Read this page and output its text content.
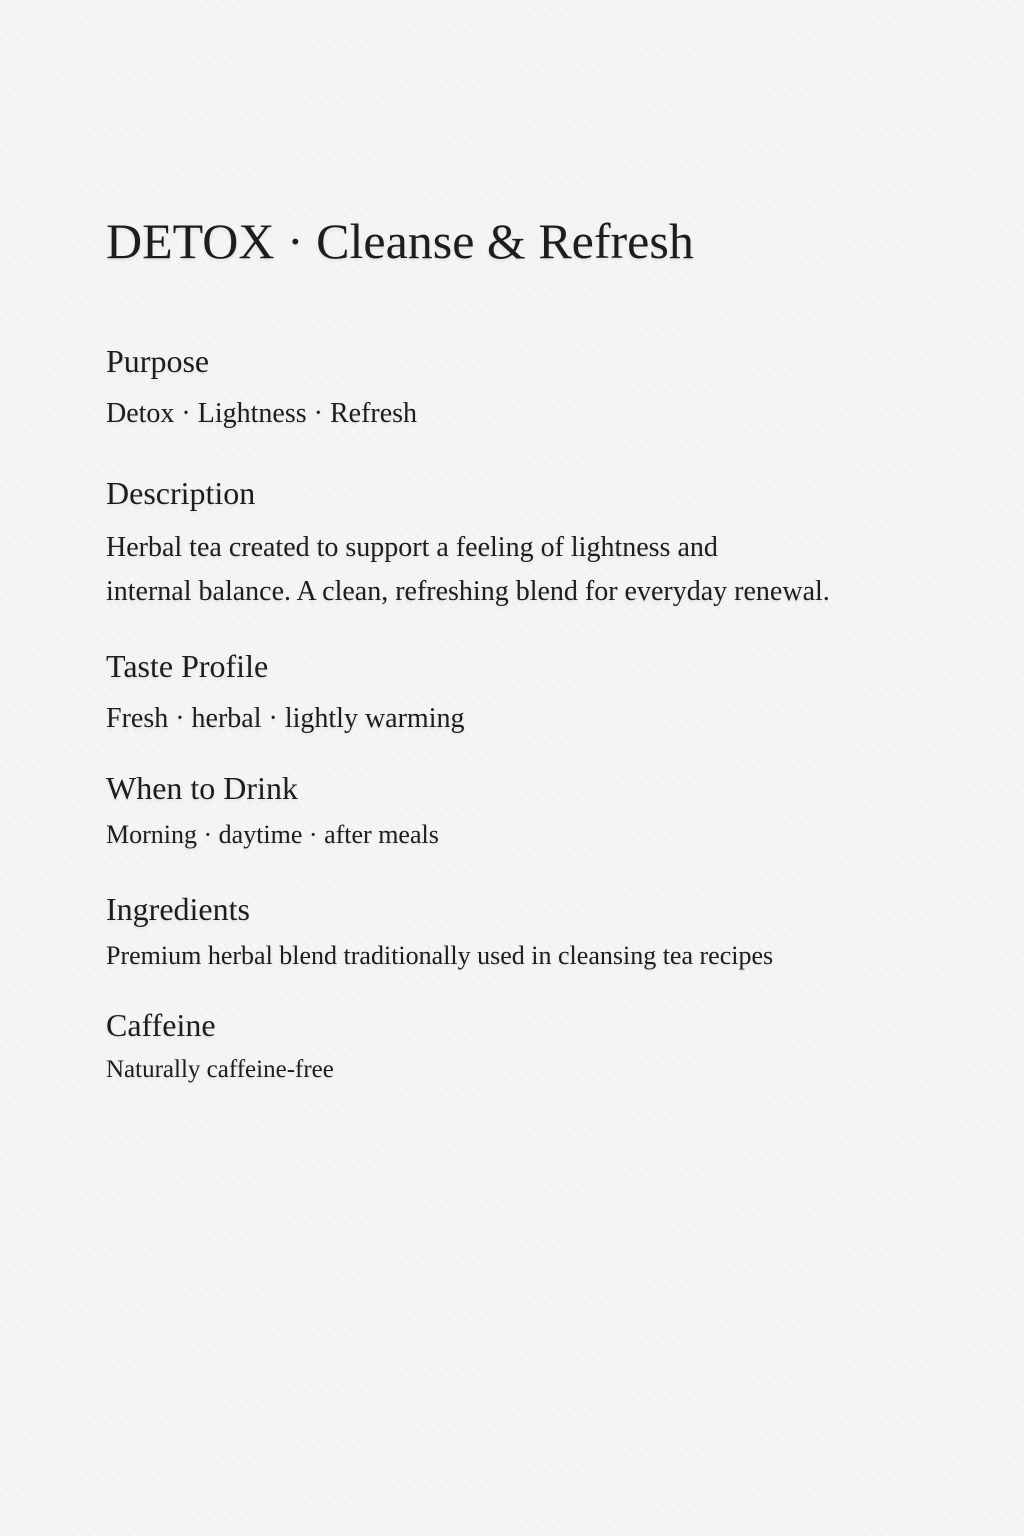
DETOX · Cleanse & Refresh
Purpose
Detox · Lightness · Refresh
Description
Herbal tea created to support a feeling of lightness and
internal balance. A clean, refreshing blend for everyday renewal.
Taste Profile
Fresh · herbal · lightly warming
When to Drink
Morning · daytime · after meals
Ingredients
Premium herbal blend traditionally used in cleansing tea recipes
Caffeine
Naturally caffeine-free
